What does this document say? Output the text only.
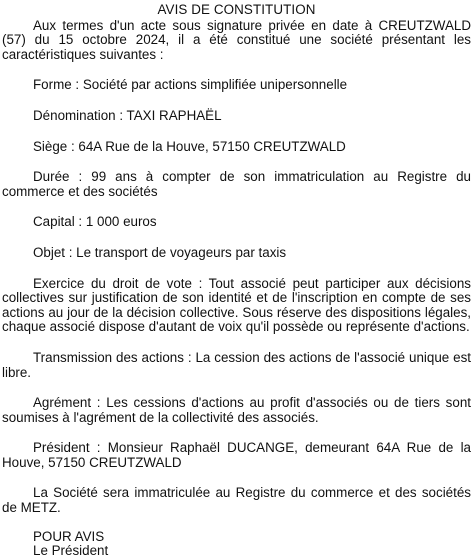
AVIS DE CONSTITUTION

Aux termes d'un acte sous signature privée en date à CREUTZWALD (57) du 15 octobre 2024, il a été constitué une société présentant les caractéristiques suivantes :

Forme : Société par actions simplifiée unipersonnelle

Dénomination : TAXI RAPHAËL

Siège : 64A Rue de la Houve, 57150 CREUTZWALD

Durée : 99 ans à compter de son immatriculation au Registre du commerce et des sociétés

Capital : 1 000 euros

Objet : Le transport de voyageurs par taxis

Exercice du droit de vote : Tout associé peut participer aux décisions collectives sur justification de son identité et de l'inscription en compte de ses actions au jour de la décision collective. Sous réserve des dispositions légales, chaque associé dispose d'autant de voix qu'il possède ou représente d'actions.

Transmission des actions : La cession des actions de l'associé unique est libre.

Agrément : Les cessions d'actions au profit d'associés ou de tiers sont soumises à l'agrément de la collectivité des associés.

Président : Monsieur Raphaël DUCANGE, demeurant 64A Rue de la Houve, 57150 CREUTZWALD

La Société sera immatriculée au Registre du commerce et des sociétés de METZ.

POUR AVIS
Le Président
